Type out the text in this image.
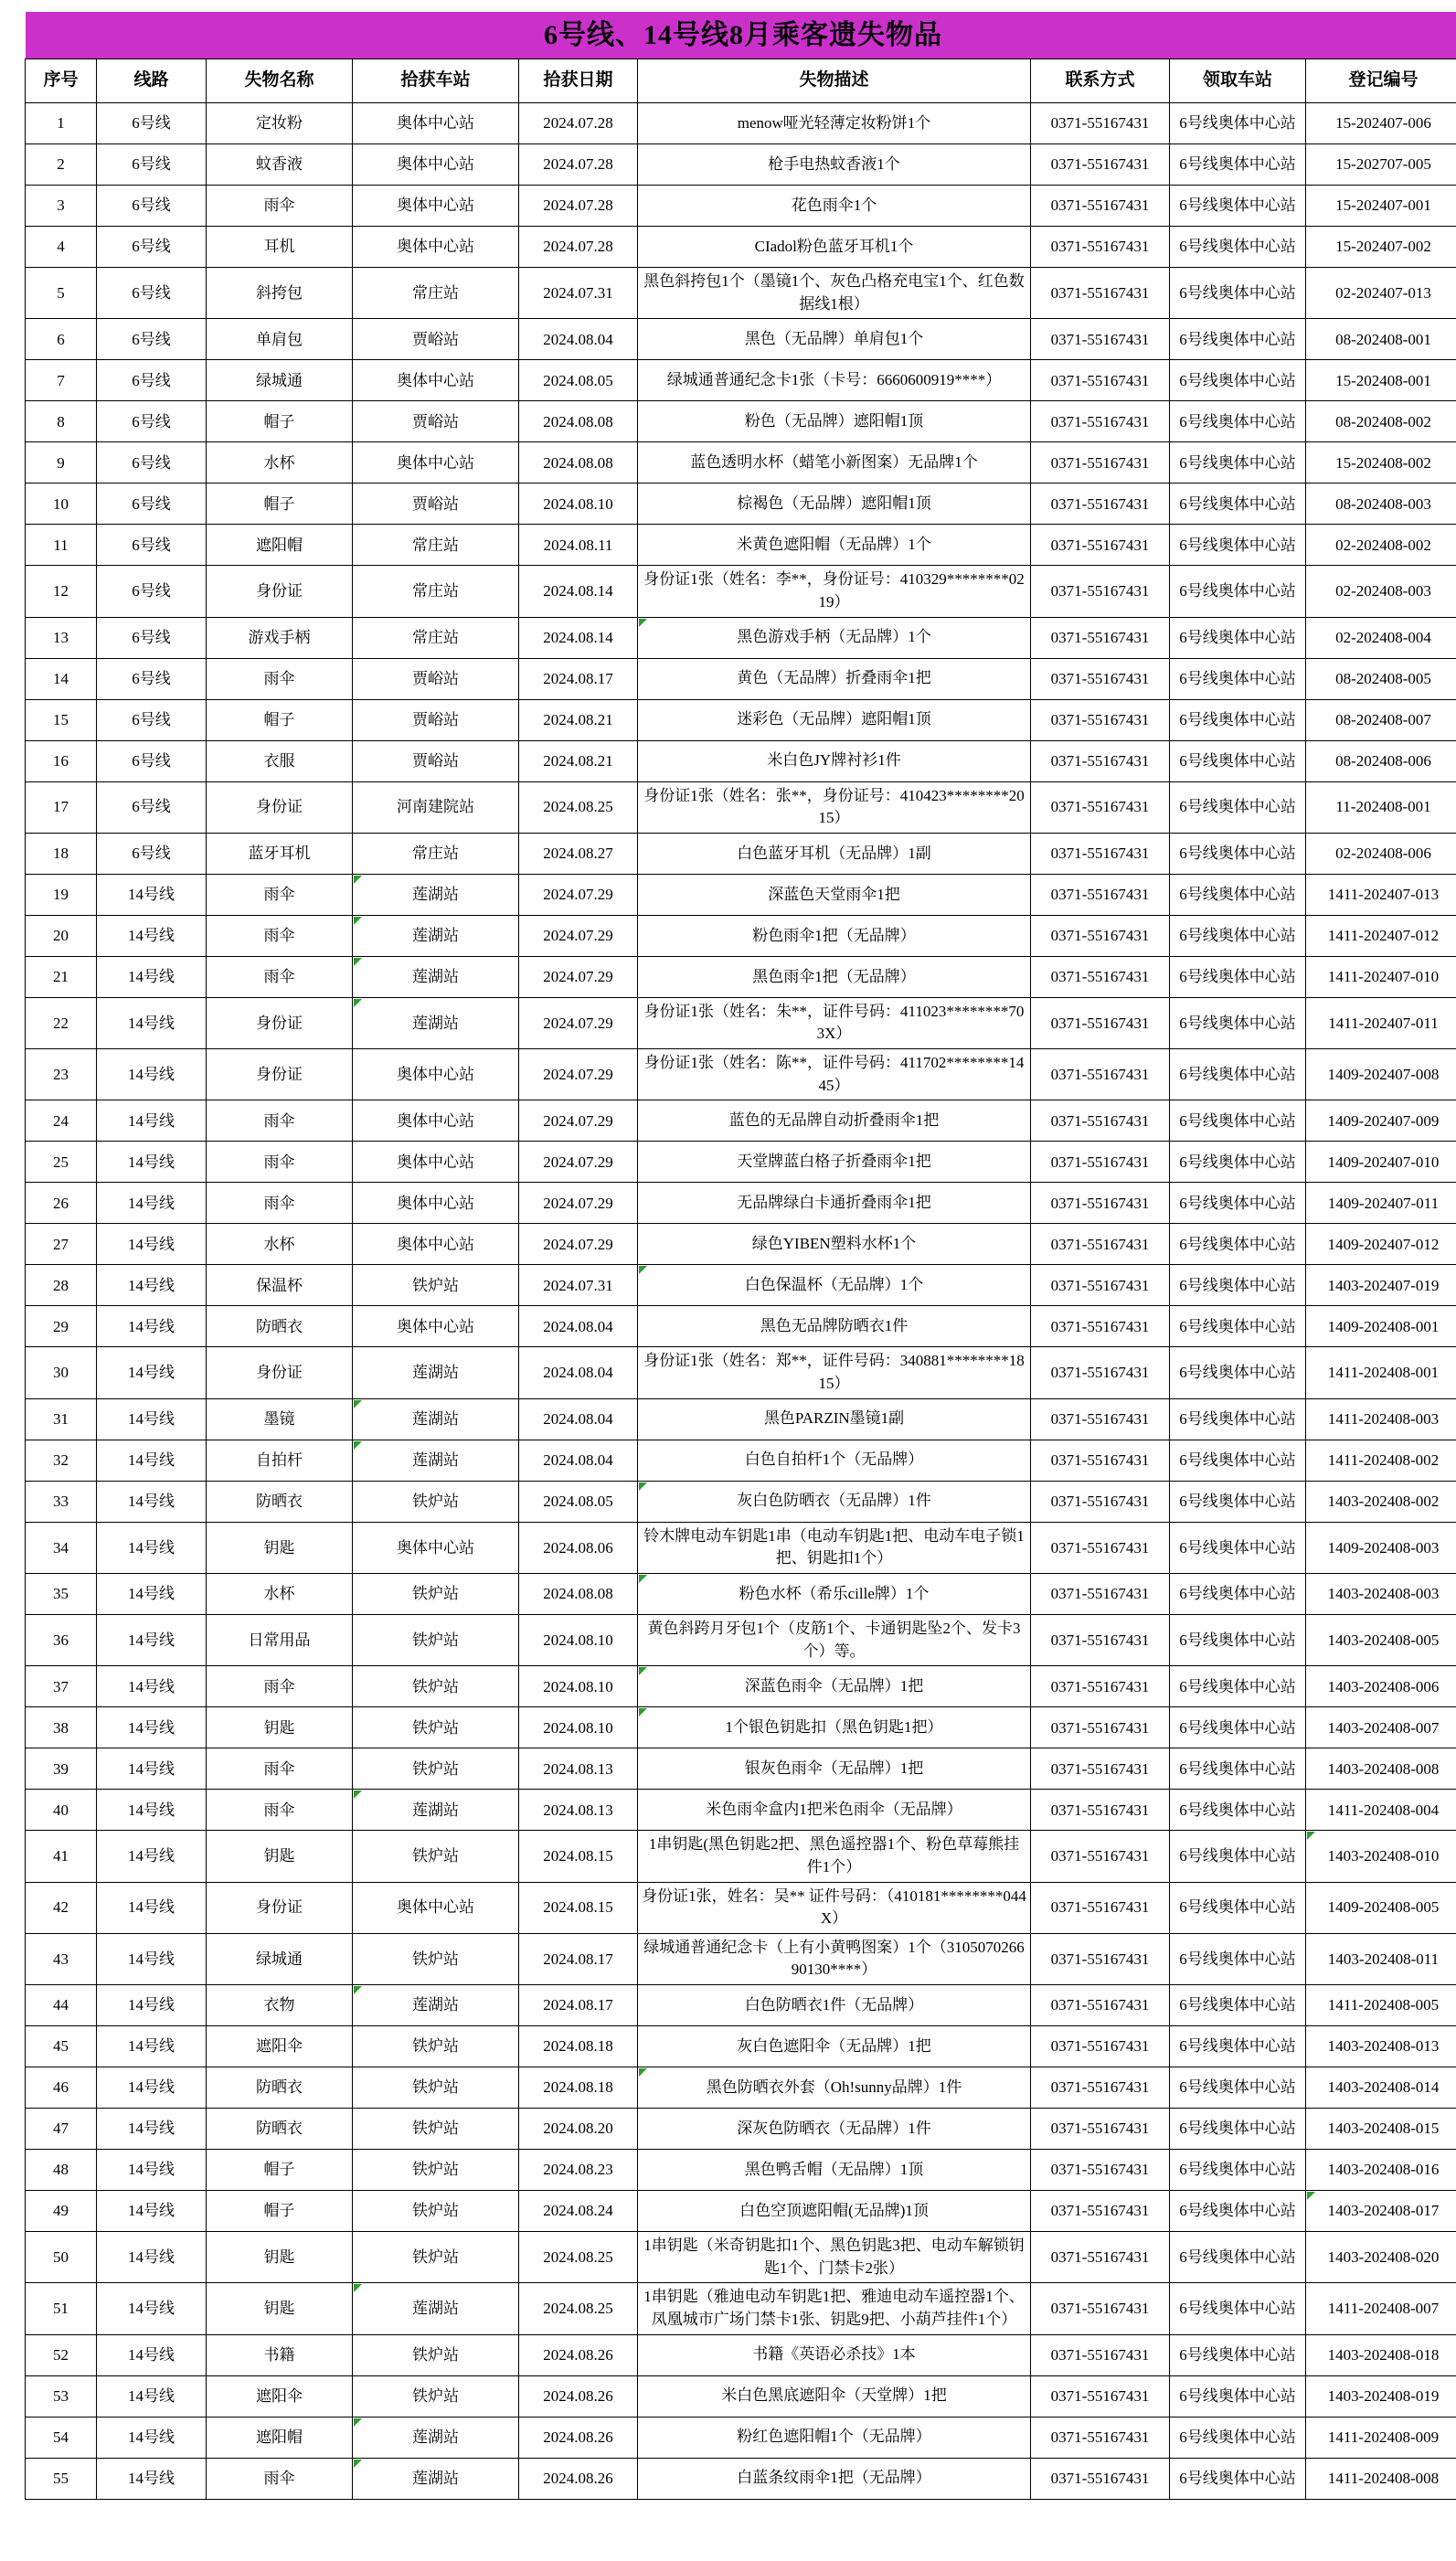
6号线、14号线8月乘客遗失物品								
序号	线路	失物名称	拾获车站	拾获日期	失物描述	联系方式	领取车站	登记编号
1	6号线	定妆粉	奥体中心站	2024.07.28	menow哑光轻薄定妆粉饼1个	0371-55167431	6号线奥体中心站	15-202407-006
2	6号线	蚊香液	奥体中心站	2024.07.28	枪手电热蚊香液1个	0371-55167431	6号线奥体中心站	15-202707-005
3	6号线	雨伞	奥体中心站	2024.07.28	花色雨伞1个	0371-55167431	6号线奥体中心站	15-202407-001
4	6号线	耳机	奥体中心站	2024.07.28	CIadol粉色蓝牙耳机1个	0371-55167431	6号线奥体中心站	15-202407-002
5	6号线	斜挎包	常庄站	2024.07.31	黑色斜挎包1个（墨镜1个、灰色凸格充电宝1个、红色数据线1根）	0371-55167431	6号线奥体中心站	02-202407-013
6	6号线	单肩包	贾峪站	2024.08.04	黑色（无品牌）单肩包1个	0371-55167431	6号线奥体中心站	08-202408-001
7	6号线	绿城通	奥体中心站	2024.08.05	绿城通普通纪念卡1张（卡号：6660600919****）	0371-55167431	6号线奥体中心站	15-202408-001
8	6号线	帽子	贾峪站	2024.08.08	粉色（无品牌）遮阳帽1顶	0371-55167431	6号线奥体中心站	08-202408-002
9	6号线	水杯	奥体中心站	2024.08.08	蓝色透明水杯（蜡笔小新图案）无品牌1个	0371-55167431	6号线奥体中心站	15-202408-002
10	6号线	帽子	贾峪站	2024.08.10	棕褐色（无品牌）遮阳帽1顶	0371-55167431	6号线奥体中心站	08-202408-003
11	6号线	遮阳帽	常庄站	2024.08.11	米黄色遮阳帽（无品牌）1个	0371-55167431	6号线奥体中心站	02-202408-002
12	6号线	身份证	常庄站	2024.08.14	身份证1张（姓名：李**，身份证号：410329********0219）	0371-55167431	6号线奥体中心站	02-202408-003
13	6号线	游戏手柄	常庄站	2024.08.14	黑色游戏手柄（无品牌）1个	0371-55167431	6号线奥体中心站	02-202408-004
14	6号线	雨伞	贾峪站	2024.08.17	黄色（无品牌）折叠雨伞1把	0371-55167431	6号线奥体中心站	08-202408-005
15	6号线	帽子	贾峪站	2024.08.21	迷彩色（无品牌）遮阳帽1顶	0371-55167431	6号线奥体中心站	08-202408-007
16	6号线	衣服	贾峪站	2024.08.21	米白色JY牌衬衫1件	0371-55167431	6号线奥体中心站	08-202408-006
17	6号线	身份证	河南建院站	2024.08.25	身份证1张（姓名：张**，身份证号：410423********2015）	0371-55167431	6号线奥体中心站	11-202408-001
18	6号线	蓝牙耳机	常庄站	2024.08.27	白色蓝牙耳机（无品牌）1副	0371-55167431	6号线奥体中心站	02-202408-006
19	14号线	雨伞	莲湖站	2024.07.29	深蓝色天堂雨伞1把	0371-55167431	6号线奥体中心站	1411-202407-013
20	14号线	雨伞	莲湖站	2024.07.29	粉色雨伞1把（无品牌）	0371-55167431	6号线奥体中心站	1411-202407-012
21	14号线	雨伞	莲湖站	2024.07.29	黑色雨伞1把（无品牌）	0371-55167431	6号线奥体中心站	1411-202407-010
22	14号线	身份证	莲湖站	2024.07.29	身份证1张（姓名：朱**，证件号码：411023********703X）	0371-55167431	6号线奥体中心站	1411-202407-011
23	14号线	身份证	奥体中心站	2024.07.29	身份证1张（姓名：陈**，证件号码：411702********1445）	0371-55167431	6号线奥体中心站	1409-202407-008
24	14号线	雨伞	奥体中心站	2024.07.29	蓝色的无品牌自动折叠雨伞1把	0371-55167431	6号线奥体中心站	1409-202407-009
25	14号线	雨伞	奥体中心站	2024.07.29	天堂牌蓝白格子折叠雨伞1把	0371-55167431	6号线奥体中心站	1409-202407-010
26	14号线	雨伞	奥体中心站	2024.07.29	无品牌绿白卡通折叠雨伞1把	0371-55167431	6号线奥体中心站	1409-202407-011
27	14号线	水杯	奥体中心站	2024.07.29	绿色YIBEN塑料水杯1个	0371-55167431	6号线奥体中心站	1409-202407-012
28	14号线	保温杯	铁炉站	2024.07.31	白色保温杯（无品牌）1个	0371-55167431	6号线奥体中心站	1403-202407-019
29	14号线	防晒衣	奥体中心站	2024.08.04	黑色无品牌防晒衣1件	0371-55167431	6号线奥体中心站	1409-202408-001
30	14号线	身份证	莲湖站	2024.08.04	身份证1张（姓名：郑**，证件号码：340881********1815）	0371-55167431	6号线奥体中心站	1411-202408-001
31	14号线	墨镜	莲湖站	2024.08.04	黑色PARZIN墨镜1副	0371-55167431	6号线奥体中心站	1411-202408-003
32	14号线	自拍杆	莲湖站	2024.08.04	白色自拍杆1个（无品牌）	0371-55167431	6号线奥体中心站	1411-202408-002
33	14号线	防晒衣	铁炉站	2024.08.05	灰白色防晒衣（无品牌）1件	0371-55167431	6号线奥体中心站	1403-202408-002
34	14号线	钥匙	奥体中心站	2024.08.06	铃木牌电动车钥匙1串（电动车钥匙1把、电动车电子锁1把、钥匙扣1个）	0371-55167431	6号线奥体中心站	1409-202408-003
35	14号线	水杯	铁炉站	2024.08.08	粉色水杯（希乐cille牌）1个	0371-55167431	6号线奥体中心站	1403-202408-003
36	14号线	日常用品	铁炉站	2024.08.10	黄色斜跨月牙包1个（皮筋1个、卡通钥匙坠2个、发卡3个）等。	0371-55167431	6号线奥体中心站	1403-202408-005
37	14号线	雨伞	铁炉站	2024.08.10	深蓝色雨伞（无品牌）1把	0371-55167431	6号线奥体中心站	1403-202408-006
38	14号线	钥匙	铁炉站	2024.08.10	1个银色钥匙扣（黑色钥匙1把）	0371-55167431	6号线奥体中心站	1403-202408-007
39	14号线	雨伞	铁炉站	2024.08.13	银灰色雨伞（无品牌）1把	0371-55167431	6号线奥体中心站	1403-202408-008
40	14号线	雨伞	莲湖站	2024.08.13	米色雨伞盒内1把米色雨伞（无品牌）	0371-55167431	6号线奥体中心站	1411-202408-004
41	14号线	钥匙	铁炉站	2024.08.15	1串钥匙(黑色钥匙2把、黑色遥控器1个、粉色草莓熊挂件1个）	0371-55167431	6号线奥体中心站	1403-202408-010
42	14号线	身份证	奥体中心站	2024.08.15	身份证1张，姓名：吴** 证件号码：（410181********044X）	0371-55167431	6号线奥体中心站	1409-202408-005
43	14号线	绿城通	铁炉站	2024.08.17	绿城通普通纪念卡（上有小黄鸭图案）1个（310507026690130****）	0371-55167431	6号线奥体中心站	1403-202408-011
44	14号线	衣物	莲湖站	2024.08.17	白色防晒衣1件（无品牌）	0371-55167431	6号线奥体中心站	1411-202408-005
45	14号线	遮阳伞	铁炉站	2024.08.18	灰白色遮阳伞（无品牌）1把	0371-55167431	6号线奥体中心站	1403-202408-013
46	14号线	防晒衣	铁炉站	2024.08.18	黑色防晒衣外套（Oh!sunny品牌）1件	0371-55167431	6号线奥体中心站	1403-202408-014
47	14号线	防晒衣	铁炉站	2024.08.20	深灰色防晒衣（无品牌）1件	0371-55167431	6号线奥体中心站	1403-202408-015
48	14号线	帽子	铁炉站	2024.08.23	黑色鸭舌帽（无品牌）1顶	0371-55167431	6号线奥体中心站	1403-202408-016
49	14号线	帽子	铁炉站	2024.08.24	白色空顶遮阳帽(无品牌)1顶	0371-55167431	6号线奥体中心站	1403-202408-017
50	14号线	钥匙	铁炉站	2024.08.25	1串钥匙（米奇钥匙扣1个、黑色钥匙3把、电动车解锁钥匙1个、门禁卡2张）	0371-55167431	6号线奥体中心站	1403-202408-020
51	14号线	钥匙	莲湖站	2024.08.25	1串钥匙（雅迪电动车钥匙1把、雅迪电动车遥控器1个、凤凰城市广场门禁卡1张、钥匙9把、小葫芦挂件1个）	0371-55167431	6号线奥体中心站	1411-202408-007
52	14号线	书籍	铁炉站	2024.08.26	书籍《英语必杀技》1本	0371-55167431	6号线奥体中心站	1403-202408-018
53	14号线	遮阳伞	铁炉站	2024.08.26	米白色黑底遮阳伞（天堂牌）1把	0371-55167431	6号线奥体中心站	1403-202408-019
54	14号线	遮阳帽	莲湖站	2024.08.26	粉红色遮阳帽1个（无品牌）	0371-55167431	6号线奥体中心站	1411-202408-009
55	14号线	雨伞	莲湖站	2024.08.26	白蓝条纹雨伞1把（无品牌）	0371-55167431	6号线奥体中心站	1411-202408-008
